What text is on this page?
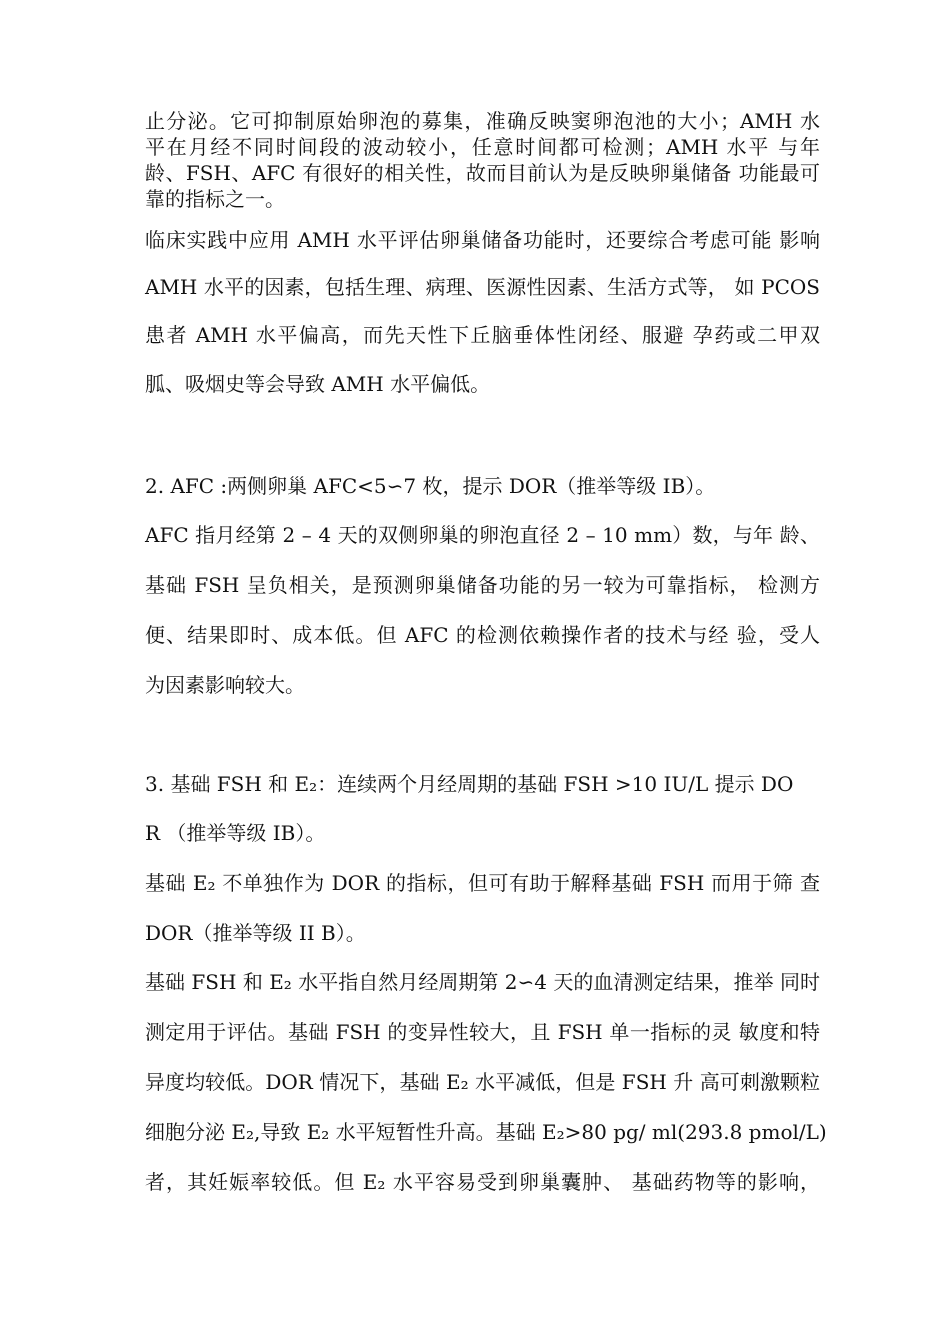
止分泌。它可抑制原始卵泡的募集，准确反映窦卵泡池的大小；AMH 水
平在月经不同时间段的波动较小，任意时间都可检测；AMH 水平 与年
龄、FSH、AFC 有很好的相关性，故而目前认为是反映卵巢储备 功能最可
靠的指标之一。
临床实践中应用 AMH 水平评估卵巢储备功能时，还要综合考虑可能 影响
AMH 水平的因素，包括生理、病理、医源性因素、生活方式等， 如 PCOS
患者 AMH 水平偏高，而先天性下丘脑垂体性闭经、服避 孕药或二甲双
胍、吸烟史等会导致 AMH 水平偏低。
2. AFC :两侧卵巢 AFC<5∽7 枚，提示 DOR（推举等级 IB）。
AFC 指月经第 2 – 4 天的双侧卵巢的卵泡直径 2 – 10 mm）数，与年 龄、
基础 FSH 呈负相关，是预测卵巢储备功能的另一较为可靠指标， 检测方
便、结果即时、成本低。但 AFC 的检测依赖操作者的技术与经 验，受人
为因素影响较大。
3. 基础 FSH 和 E₂：连续两个月经周期的基础 FSH >10 IU/L 提示 DO
R （推举等级 IB）。
基础 E₂ 不单独作为 DOR 的指标，但可有助于解释基础 FSH 而用于筛 查
DOR（推举等级 II B）。
基础 FSH 和 E₂ 水平指自然月经周期第 2∽4 天的血清测定结果，推举 同时
测定用于评估。基础 FSH 的变异性较大，且 FSH 单一指标的灵 敏度和特
异度均较低。DOR 情况下，基础 E₂ 水平减低，但是 FSH 升 高可刺激颗粒
细胞分泌 E₂,导致 E₂ 水平短暂性升高。基础 E₂>80 pg/ ml(293.8 pmol/L)
者，其妊娠率较低。但 E₂ 水平容易受到卵巢囊肿、 基础药物等的影响，
